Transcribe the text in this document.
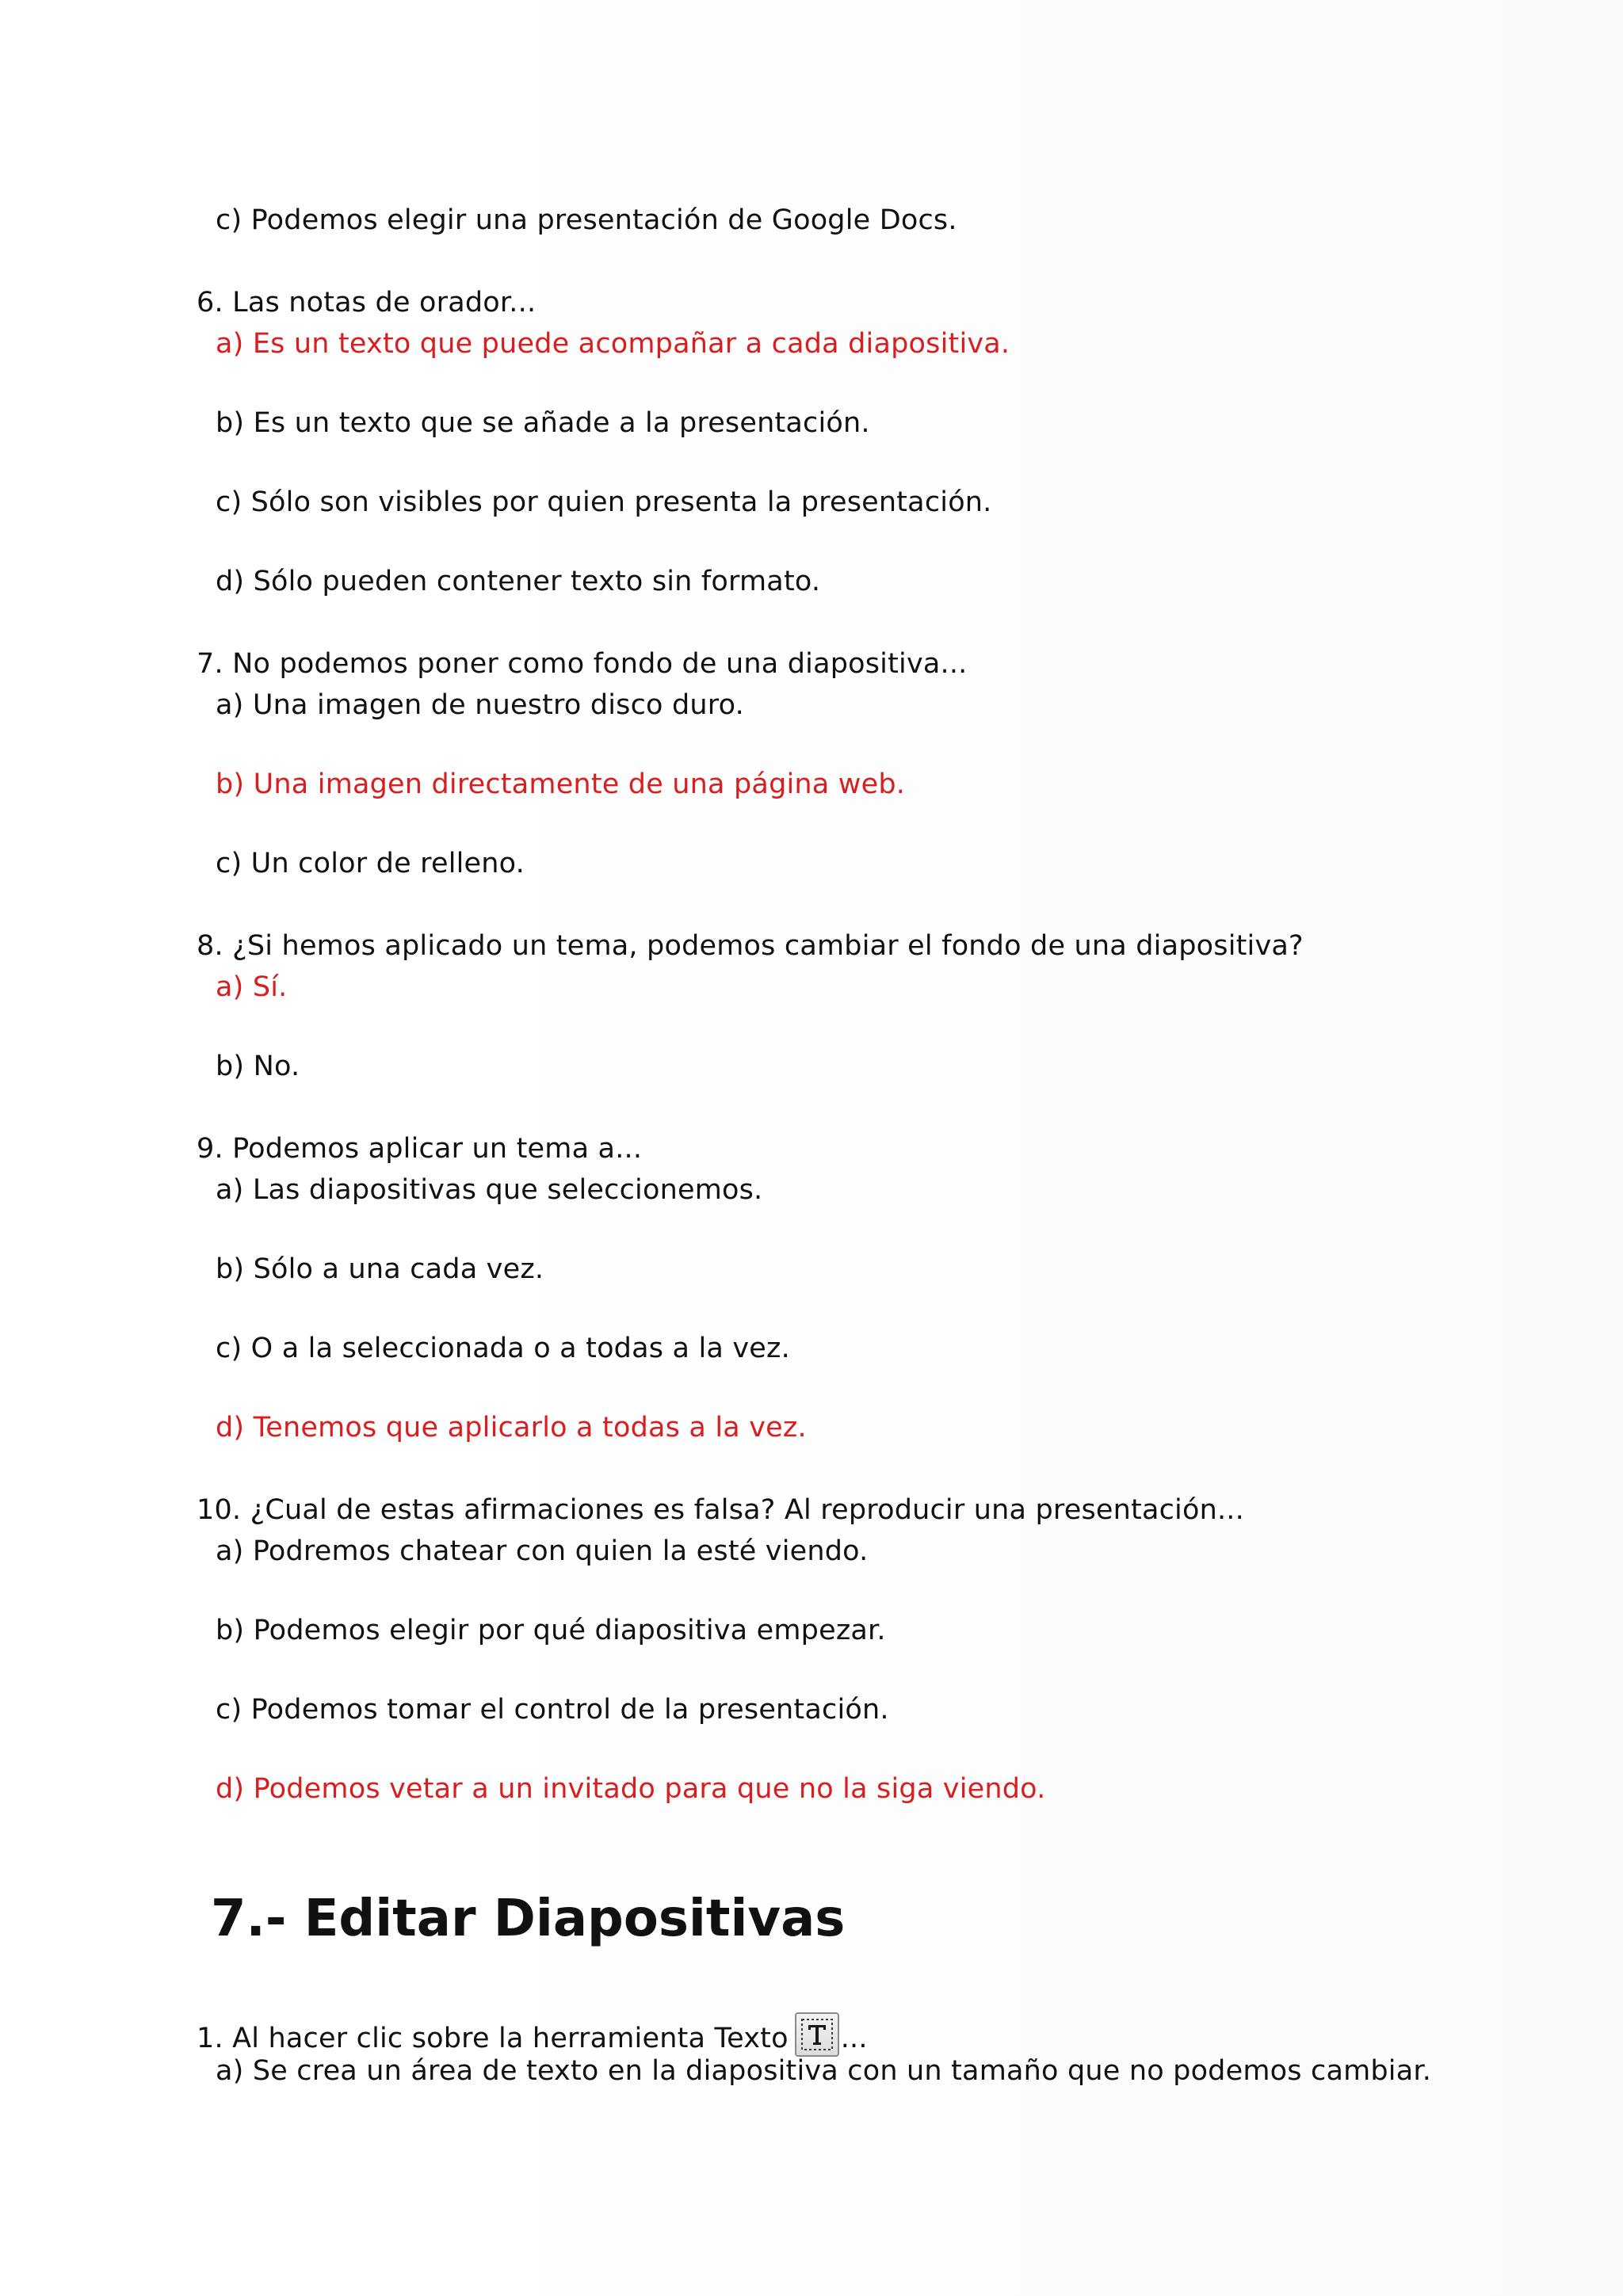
c) Podemos elegir una presentación de Google Docs.
6. Las notas de orador...
a) Es un texto que puede acompañar a cada diapositiva.
b) Es un texto que se añade a la presentación.
c) Sólo son visibles por quien presenta la presentación.
d) Sólo pueden contener texto sin formato.
7. No podemos poner como fondo de una diapositiva...
a) Una imagen de nuestro disco duro.
b) Una imagen directamente de una página web.
c) Un color de relleno.
8. ¿Si hemos aplicado un tema, podemos cambiar el fondo de una diapositiva?
a) Sí.
b) No.
9. Podemos aplicar un tema a...
a) Las diapositivas que seleccionemos.
b) Sólo a una cada vez.
c) O a la seleccionada o a todas a la vez.
d) Tenemos que aplicarlo a todas a la vez.
10. ¿Cual de estas afirmaciones es falsa? Al reproducir una presentación...
a) Podremos chatear con quien la esté viendo.
b) Podemos elegir por qué diapositiva empezar.
c) Podemos tomar el control de la presentación.
d) Podemos vetar a un invitado para que no la siga viendo.
7.- Editar Diapositivas
1. Al hacer clic sobre la herramienta Texto ...
a) Se crea un área de texto en la diapositiva con un tamaño que no podemos cambiar.
